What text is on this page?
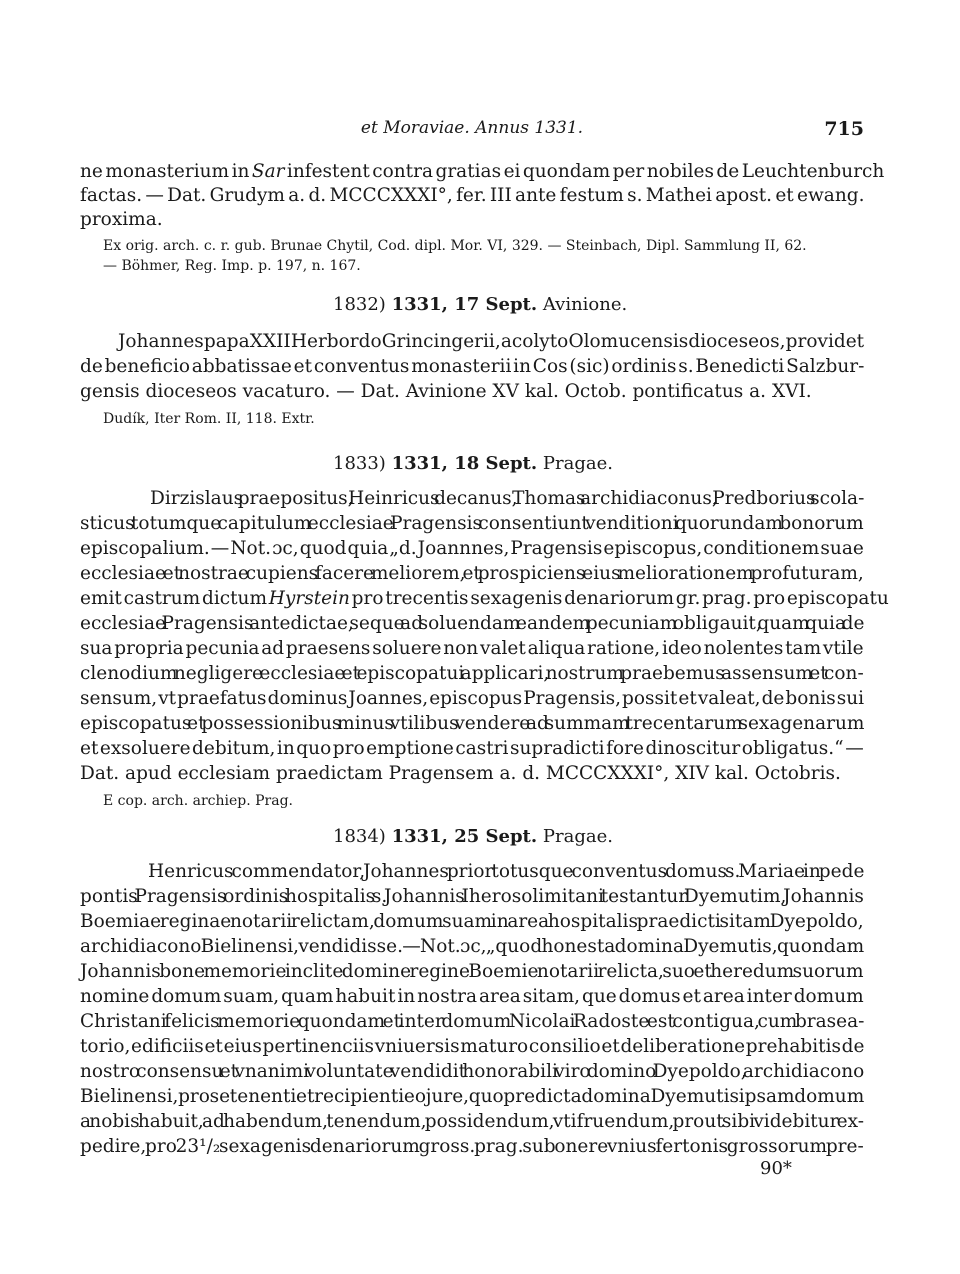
et Moraviae. Annus 1331.	715
ne monasterium in Sar infestent contra gratias ei quondam per nobiles de Leuchtenburch
factas. — Dat. Grudym a. d. MCCCXXXI°, fer. III ante festum s. Mathei apost. et ewang.
proxima.
Ex orig. arch. c. r. gub. Brunae Chytil, Cod. dipl. Mor. VI, 329. — Steinbach, Dipl. Sammlung II, 62.
— Böhmer, Reg. Imp. p. 197, n. 167.
1832) 1331, 17 Sept. Avinione.
Johannes papa XXII Herbordo Grincingerii, acolyto Olomucensis dioceseos, providet
de beneficio abbatissae et conventus monasterii in Cos (sic) ordinis s. Benedicti Salzbur-
gensis dioceseos vacaturo. — Dat. Avinione XV kal. Octob. pontificatus a. XVI.
Dudík, Iter Rom. II, 118. Extr.
1833) 1331, 18 Sept. Pragae.
Dirzislaus praepositus, Heinricus decanus, Thomas archidiaconus, Predborius scola-
sticus totumque capitulum ecclesiae Pragensis consentiunt venditioni quorundam bonorum
episcopalium. — Not. ɔc, quod quia „d. Joannnes, Pragensis episcopus, conditionem suae
ecclesiae et nostrae cupiens facere meliorem, et prospiciens eius meliorationem profuturam,
emit castrum dictum Hyrstein pro trecentis sexagenis denariorum gr. prag. pro episcopatu
ecclesiae Pragensis antedictae, seque ad soluendam eandem pecuniam obligauit, quam quia de
sua propria pecunia ad praesens soluere non valet aliqua ratione, ideo nolentes tam vtile
clenodium negligere ecclesiae et episcopatui applicari, nostrum praebemus assensum et con-
sensum, vt praefatus dominus Joannes, episcopus Pragensis, possit et valeat, de bonis sui
episcopatus et possessionibus minus vtilibus vendere ad summam trecentarum sexagenarum
et exsoluere debitum, in quo pro emptione castri supradicti fore dinoscitur obligatus.“ —
Dat. apud ecclesiam praedictam Pragensem a. d. MCCCXXXI°, XIV kal. Octobris.
E cop. arch. archiep. Prag.
1834) 1331, 25 Sept. Pragae.
Henricus commendator, Johannes prior totusque conventus domus s. Mariae in pede
pontis Pragensis ordinis hospitalis s. Johannis Iherosolimitani testantur Dyemutim, Johannis
Boemiae reginae notarii relictam, domum suam in area hospitalis praedicti sitam Dyepoldo,
archidiacono Bielinensi, vendidisse. — Not. ɔc, „quod honesta domina Dyemutis, quondam
Johannis bone memorie inclite domine regine Boemie notarii relicta, suo et heredum suorum
nomine domum suam, quam habuit in nostra area sitam, que domus et area inter domum
Christani felicis memorie quondam et inter domum Nicolai Radoste est contigua, cum brasea-
torio, edificiis et eius pertinenciis vniuersis maturo consilio et deliberatione prehabitis de
nostro consensu et vnanimi voluntate vendidit honorabili viro domino Dyepoldo, archidiacono
Bielinensi, pro se tenenti et recipienti eo jure, quo predicta domina Dyemutis ipsam domum
a nobis habuit, ad habendum, tenendum, possidendum, vtifruendum, prout sibi videbitur ex-
pedire, pro 23¹/₂ sexagenis denariorum gross. prag. sub onere vnius fertonis grossorum pre-
90*
